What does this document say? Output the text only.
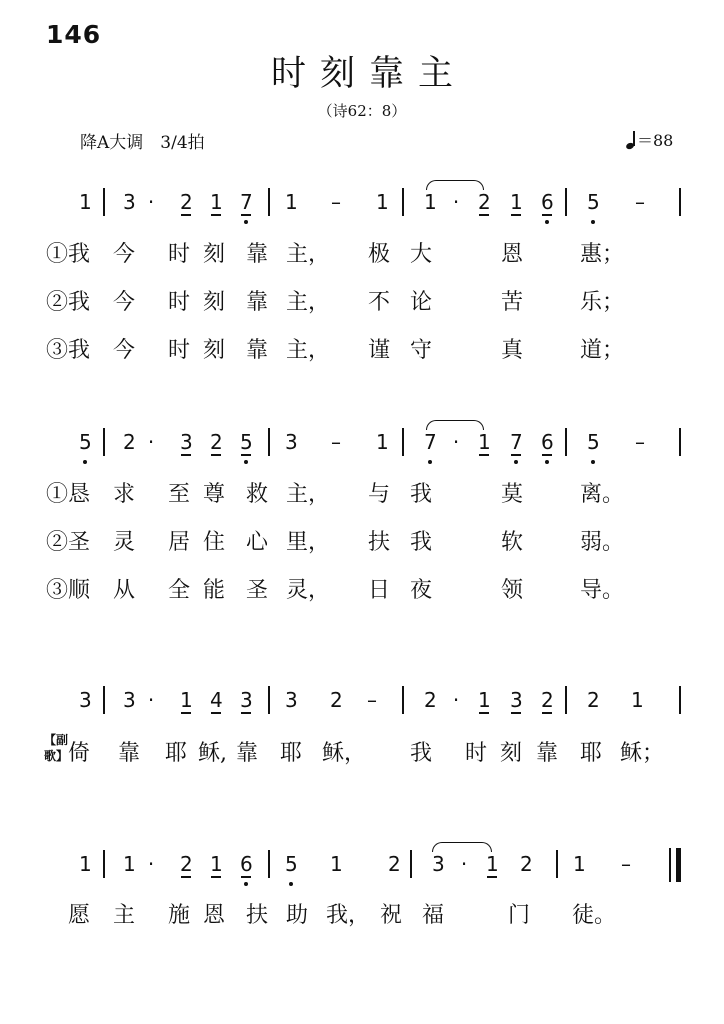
146
时刻靠主
（诗62：8）
降A大调　3/4拍	＝88
【副歌】
1 3 · 2 1 7 1 – 1 1 · 2 1 6 5 –
①我 今 时 刻 靠 主， 极 大	恩	惠；
②我 今 时 刻 靠 主， 不 论	苦	乐；
③我 今 时 刻 靠 主， 谨 守	真	道；
5 2 · 3 2 5 3 – 1 7 · 1 7 6 5 –
①恳 求 至 尊 救 主， 与 我	莫	离。
②圣 灵 居 住 心 里， 扶 我	软	弱。
③顺 从 全 能 圣 灵， 日 夜	领	导。
3 3 · 1 4 3 3 2 – 2 · 1 3 2 2 1
倚 靠 耶 稣, 靠 耶 稣， 我 时 刻 靠 耶 稣；
1 1 · 2 1 6 5 1 2 3 · 1 2 1 –
愿 主 施 恩 扶 助 我， 祝 福	门 徒。
